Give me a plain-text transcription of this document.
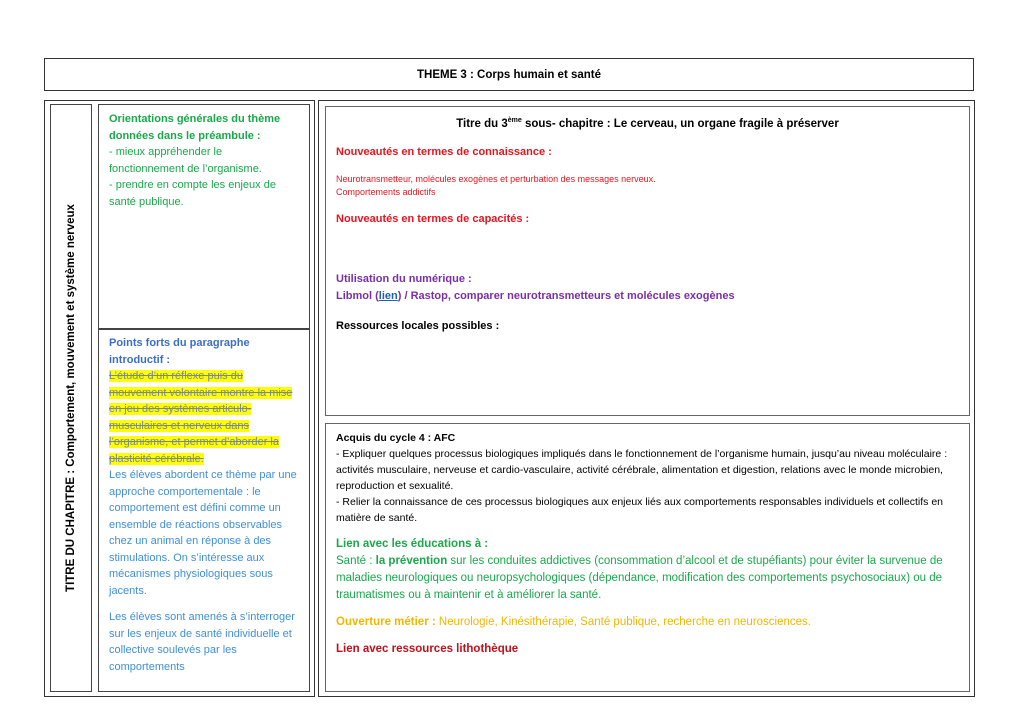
THEME 3 : Corps humain et santé
TITRE DU CHAPITRE : Comportement, mouvement et système nerveux
Orientations générales du thème données dans le préambule :
- mieux appréhender le fonctionnement de l’organisme.
- prendre en compte les enjeux de santé publique.
Points forts du paragraphe introductif :
L’étude d’un réflexe puis du mouvement volontaire montre la mise en jeu des systèmes articulo-musculaires et nerveux dans l’organisme, et permet d’aborder la plasticité cérébrale.
Les élèves abordent ce thème par une approche comportementale : le comportement est défini comme un ensemble de réactions observables chez un animal en réponse à des stimulations. On s’intéresse aux mécanismes physiologiques sous jacents.
Les élèves sont amenés à s’interroger sur les enjeux de santé individuelle et collective soulevés par les comportements
Titre du 3ème sous- chapitre : Le cerveau, un organe fragile à préserver
Nouveautés en termes de connaissance :
Neurotransmetteur, molécules exogènes et perturbation des messages nerveux.
Comportements addictifs
Nouveautés en termes de capacités :
Utilisation du numérique :
Libmol (lien) / Rastop, comparer neurotransmetteurs et molécules exogènes
Ressources locales possibles :
Acquis du cycle 4 : AFC
- Expliquer quelques processus biologiques impliqués dans le fonctionnement de l’organisme humain, jusqu’au niveau moléculaire : activités musculaire, nerveuse et cardio-vasculaire, activité cérébrale, alimentation et digestion, relations avec le monde microbien, reproduction et sexualité.
- Relier la connaissance de ces processus biologiques aux enjeux liés aux comportements responsables individuels et collectifs en matière de santé.
Lien avec les éducations à :
Santé : la prévention sur les conduites addictives (consommation d’alcool et de stupéfiants) pour éviter la survenue de maladies neurologiques ou neuropsychologiques (dépendance, modification des comportements psychosociaux) ou de traumatismes ou à maintenir et à améliorer la santé.
Ouverture métier : Neurologie, Kinésithérapie, Santé publique, recherche en neurosciences.
Lien avec ressources lithothèque
